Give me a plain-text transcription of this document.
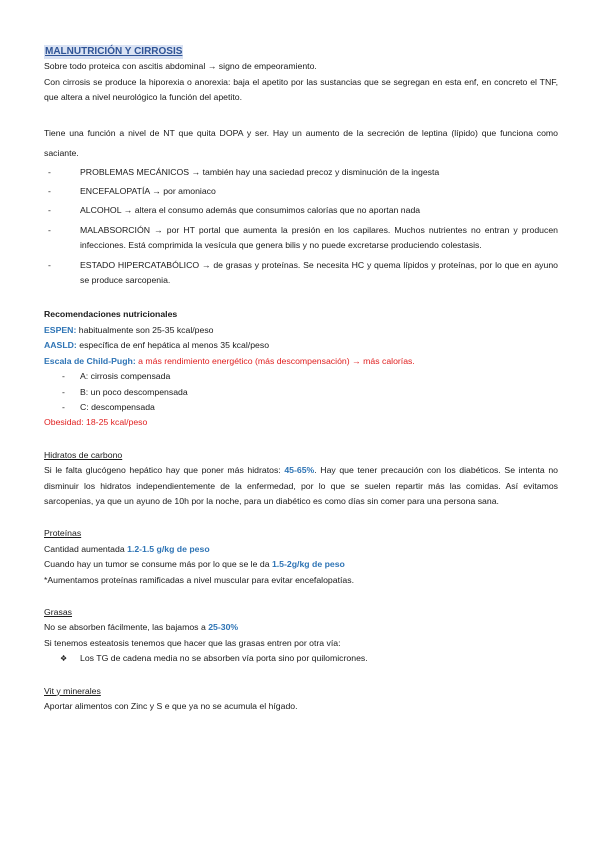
MALNUTRICIÓN Y CIRROSIS

Sobre todo proteica con ascitis abdominal → signo de empeoramiento.

Con cirrosis se produce la hiporexia o anorexia: baja el apetito por las sustancias que se segregan en esta enf, en concreto el TNF, que altera a nivel neurológico la función del apetito.

Tiene una función a nivel de NT que quita DOPA y ser. Hay un aumento de la secreción de leptina (lípido) que funciona como saciante.

-	PROBLEMAS MECÁNICOS → también hay una saciedad precoz y disminución de la ingesta
-	ENCEFALOPATÍA → por amoniaco
-	ALCOHOL → altera el consumo además que consumimos calorías que no aportan nada
-	MALABSORCIÓN → por HT portal que aumenta la presión en los capilares. Muchos nutrientes no entran y producen infecciones. Está comprimida la vesícula que genera bilis y no puede excretarse produciendo colestasis.
-	ESTADO HIPERCATABÓLICO → de grasas y proteínas. Se necesita HC y quema lípidos y proteínas, por lo que en ayuno se produce sarcopenia.

Recomendaciones nutricionales

ESPEN: habitualmente son 25-35 kcal/peso

AASLD: específica de enf hepática al menos 35 kcal/peso

Escala de Child-Pugh: a más rendimiento energético (más descompensación) → más calorías.

- A: cirrosis compensada
- B: un poco descompensada
- C: descompensada

Obesidad: 18-25 kcal/peso

Hidratos de carbono

Si le falta glucógeno hepático hay que poner más hidratos: 45-65%. Hay que tener precaución con los diabéticos. Se intenta no disminuir los hidratos independientemente de la enfermedad, por lo que se suelen repartir más las comidas. Así evitamos sarcopenias, ya que un ayuno de 10h por la noche, para un diabético es como días sin comer para una persona sana.

Proteínas

Cantidad aumentada 1.2-1.5 g/kg de peso

Cuando hay un tumor se consume más por lo que se le da 1.5-2g/kg de peso

*Aumentamos proteínas ramificadas a nivel muscular para evitar encefalopatías.

Grasas

No se absorben fácilmente, las bajamos a 25-30%

Si tenemos esteatosis tenemos que hacer que las grasas entren por otra vía:

❖ Los TG de cadena media no se absorben vía porta sino por quilomicrones.

Vit y minerales

Aportar alimentos con Zinc y S e que ya no se acumula el hígado.
